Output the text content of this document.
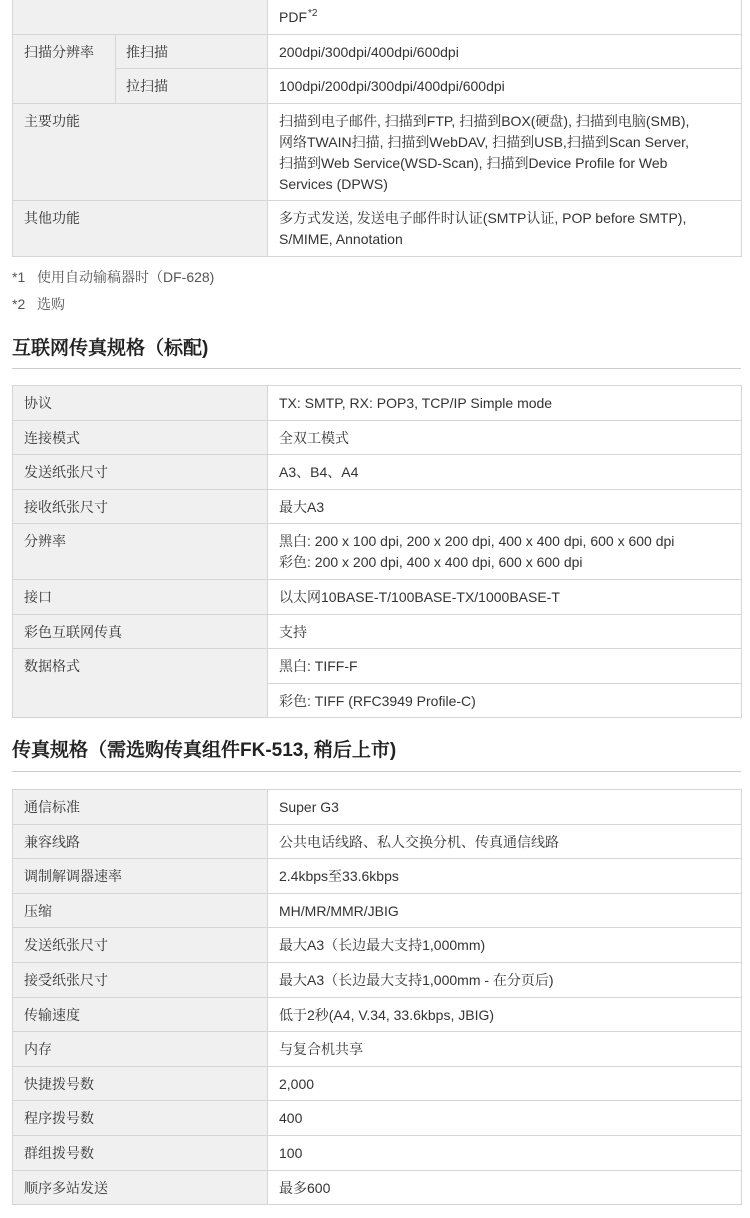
		PDF$^{*2}$

扫描分辨率	推扫描	200dpi/300dpi/400dpi/600dpi

	拉扫描	100dpi/200dpi/300dpi/400dpi/600dpi

主要功能		扫描到电子邮件, 扫描到FTP, 扫描到BOX(硬盘), 扫描到电脑(SMB),
网络TWAIN扫描, 扫描到WebDAV, 扫描到USB,扫描到Scan Server,
扫描到Web Service(WSD-Scan), 扫描到Device Profile for Web
Services (DPWS)

其他功能		多方式发送, 发送电子邮件时认证(SMTP认证, POP before SMTP),
S/MIME, Annotation
*1 使用自动输稿器时（DF-628)
*2 选购
互联网传真规格（标配)
协议	TX: SMTP, RX: POP3, TCP/IP Simple mode

连接模式	全双工模式

发送纸张尺寸	A3、B4、A4

接收纸张尺寸	最大A3

分辨率	黑白: 200 x 100 dpi, 200 x 200 dpi, 400 x 400 dpi, 600 x 600 dpi
彩色: 200 x 200 dpi, 400 x 400 dpi, 600 x 600 dpi

接口	以太网10BASE-T/100BASE-TX/1000BASE-T

彩色互联网传真	支持

数据格式	黑白: TIFF-F

	彩色: TIFF (RFC3949 Profile-C)
传真规格（需选购传真组件FK-513, 稍后上市)
通信标准	Super G3

兼容线路	公共电话线路、私人交换分机、传真通信线路

调制解调器速率	2.4kbps至33.6kbps

压缩	MH/MR/MMR/JBIG

发送纸张尺寸	最大A3（长边最大支持1,000mm)

接受纸张尺寸	最大A3（长边最大支持1,000mm - 在分页后)

传输速度	低于2秒(A4, V.34, 33.6kbps, JBIG)

内存	与复合机共享

快捷拨号数	2,000

程序拨号数	400

群组拨号数	100

顺序多站发送	最多600
